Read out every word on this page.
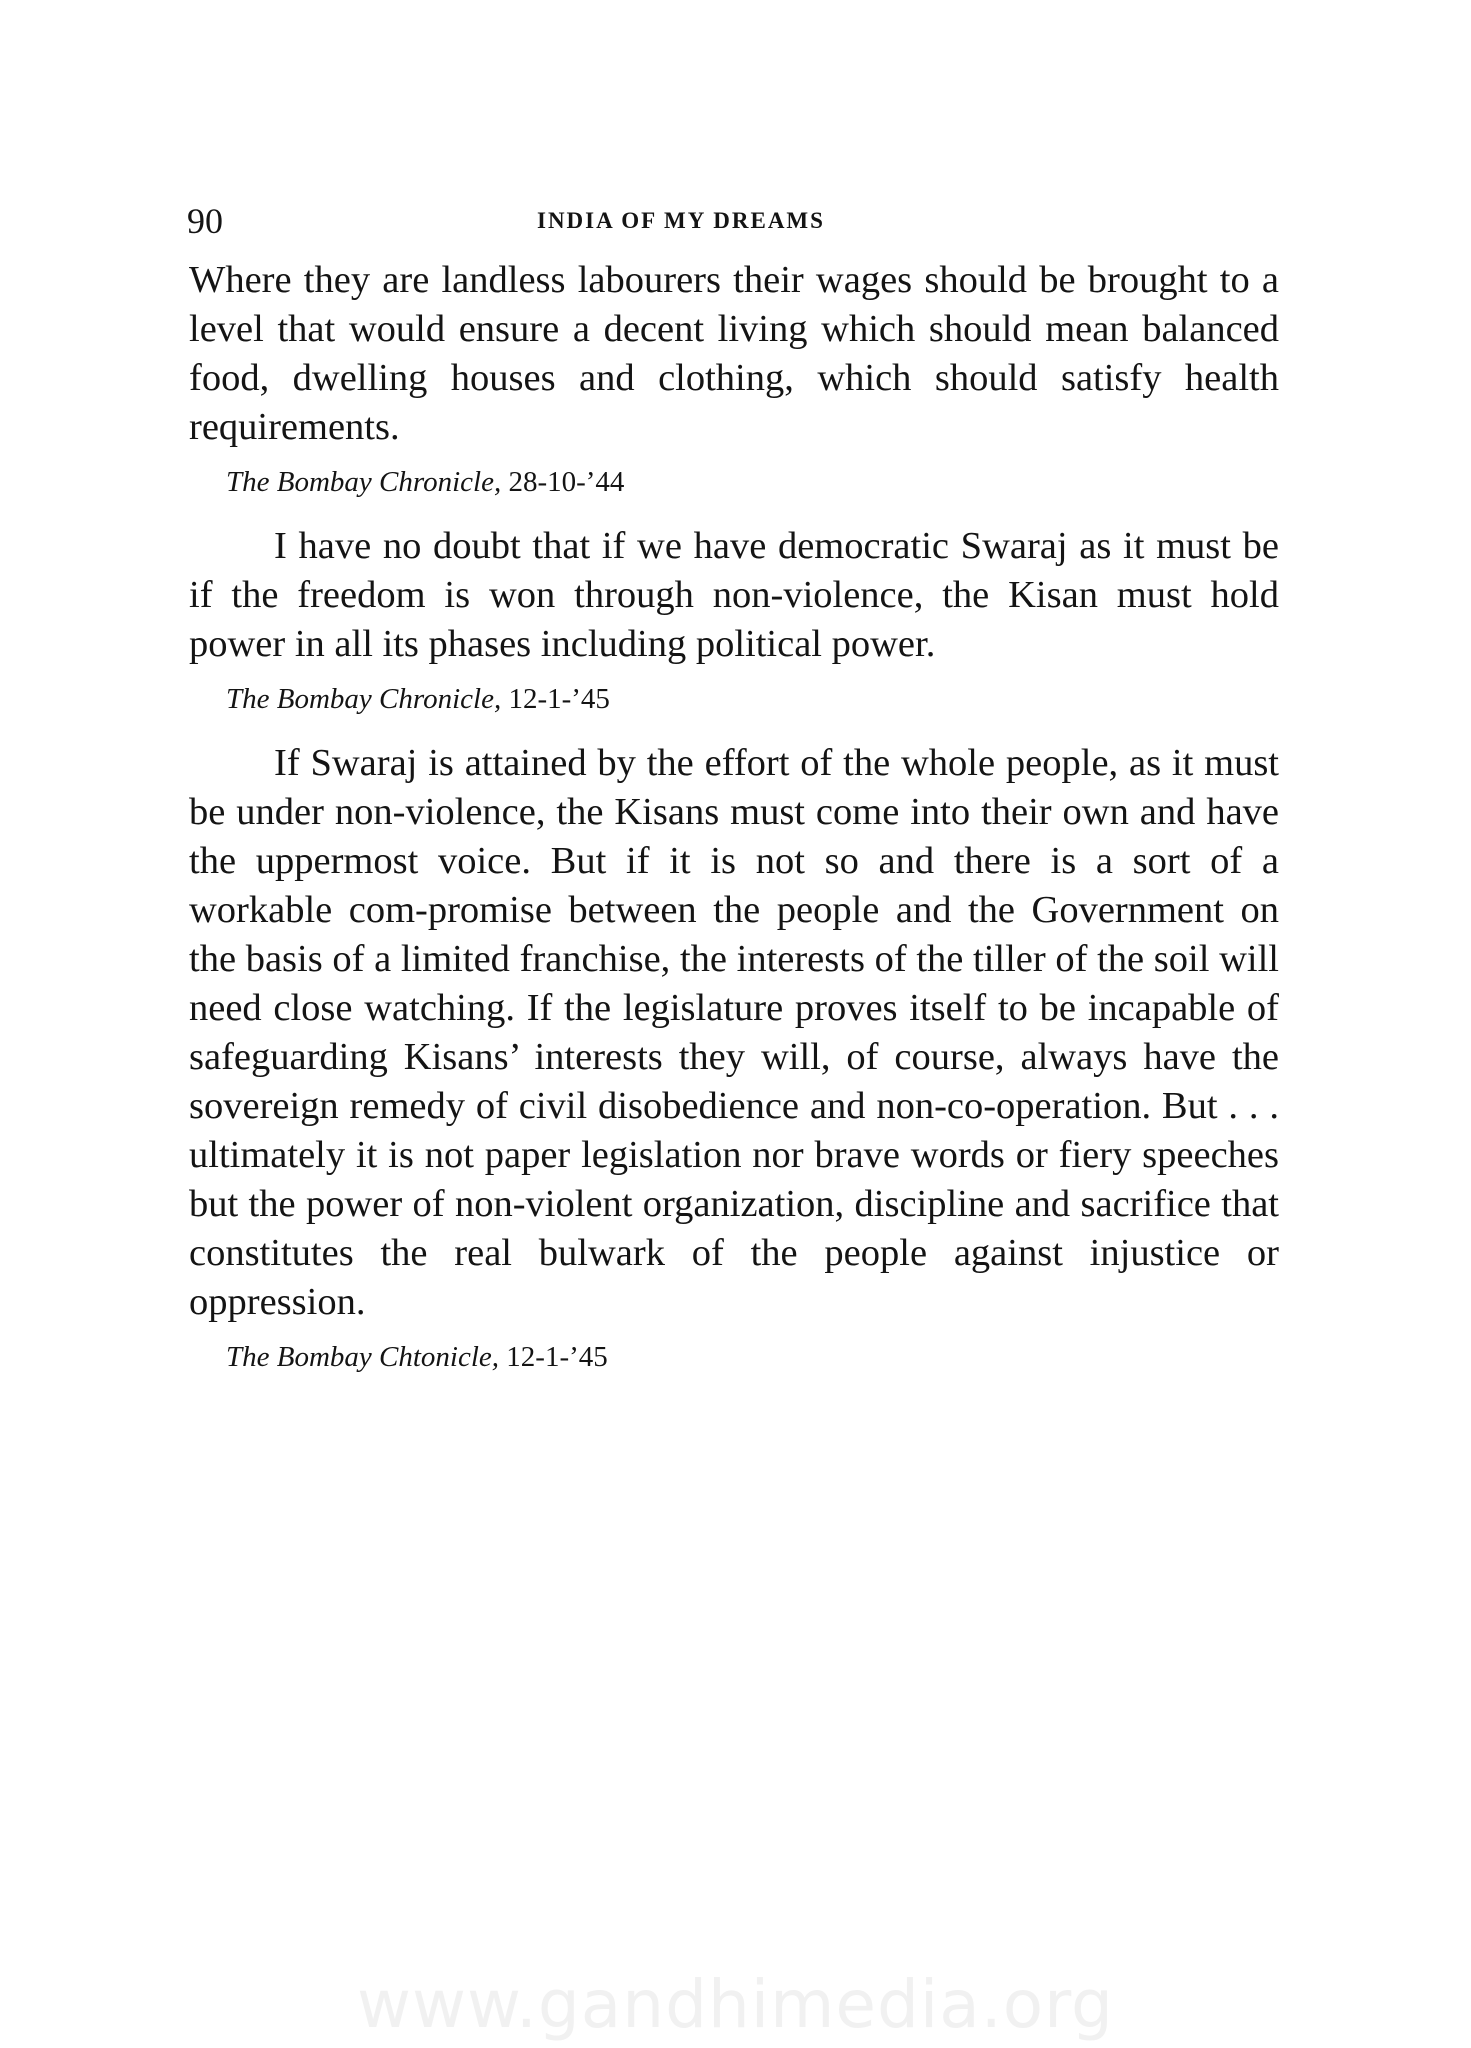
90	INDIA OF MY DREAMS

Where they are landless labourers their wages should be brought to a level that would ensure a decent living which should mean balanced food, dwelling houses and clothing, which should satisfy health requirements.

The Bombay Chronicle, 28-10-’44

I have no doubt that if we have democratic Swaraj as it must be if the freedom is won through non-violence, the Kisan must hold power in all its phases including political power.

The Bombay Chronicle, 12-1-’45

If Swaraj is attained by the effort of the whole people, as it must be under non-violence, the Kisans must come into their own and have the uppermost voice. But if it is not so and there is a sort of a workable com-promise between the people and the Government on the basis of a limited franchise, the interests of the tiller of the soil will need close watching. If the legislature proves itself to be incapable of safeguarding Kisans’ interests they will, of course, always have the sovereign remedy of civil disobedience and non-co-operation. But . . . ultimately it is not paper legislation nor brave words or fiery speeches but the power of non-violent organization, discipline and sacrifice that constitutes the real bulwark of the people against injustice or oppression.

The Bombay Chtonicle, 12-1-’45
www.gandhimedia.org
